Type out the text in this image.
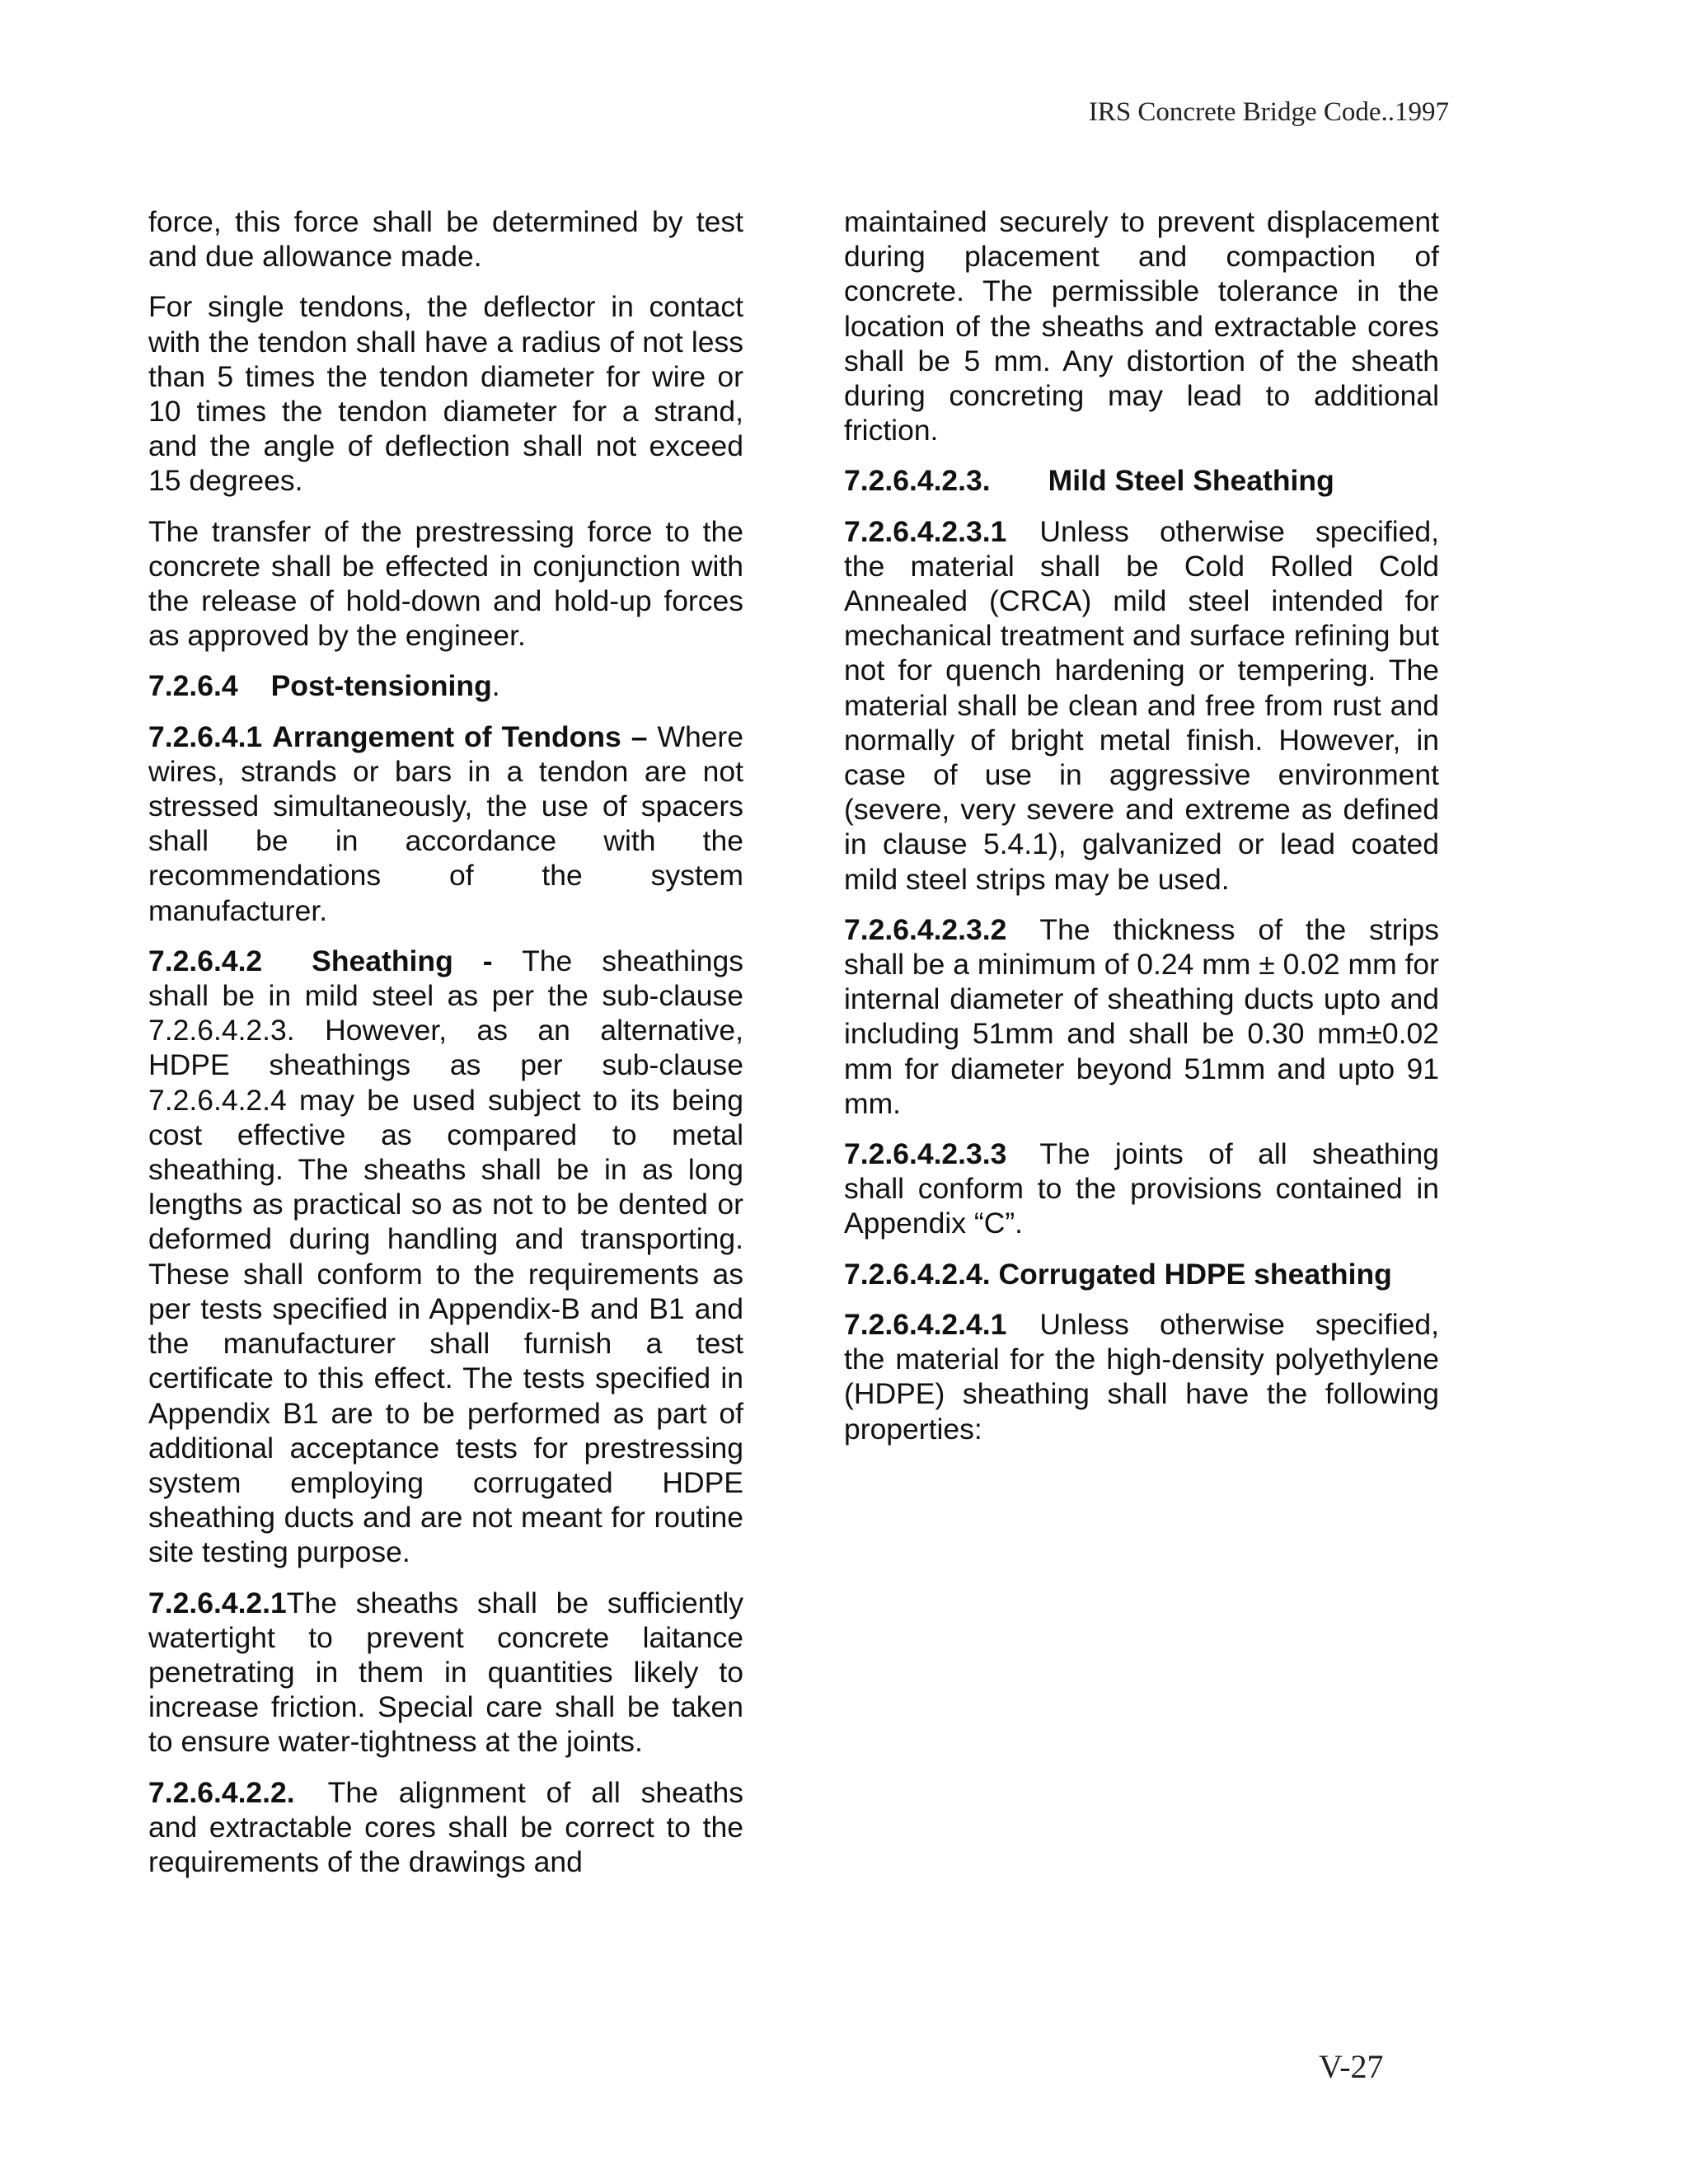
IRS Concrete Bridge Code..1997

force, this force shall be determined by test and due allowance made.

For single tendons, the deflector in contact with the tendon shall have a radius of not less than 5 times the tendon diameter for wire or 10 times the tendon diameter for a strand, and the angle of deflection shall not exceed 15 degrees.

The transfer of the prestressing force to the concrete shall be effected in conjunction with the release of hold-down and hold-up forces as approved by the engineer.

7.2.6.4 Post-tensioning.

7.2.6.4.1 Arrangement of Tendons – Where wires, strands or bars in a tendon are not stressed simultaneously, the use of spacers shall be in accordance with the recommendations of the system manufacturer.

7.2.6.4.2 Sheathing - The sheathings shall be in mild steel as per the sub-clause 7.2.6.4.2.3. However, as an alternative, HDPE sheathings as per sub-clause 7.2.6.4.2.4 may be used subject to its being cost effective as compared to metal sheathing. The sheaths shall be in as long lengths as practical so as not to be dented or deformed during handling and transporting. These shall conform to the requirements as per tests specified in Appendix-B and B1 and the manufacturer shall furnish a test certificate to this effect. The tests specified in Appendix B1 are to be performed as part of additional acceptance tests for prestressing system employing corrugated HDPE sheathing ducts and are not meant for routine site testing purpose.

7.2.6.4.2.1The sheaths shall be sufficiently watertight to prevent concrete laitance penetrating in them in quantities likely to increase friction. Special care shall be taken to ensure water-tightness at the joints.

7.2.6.4.2.2. The alignment of all sheaths and extractable cores shall be correct to the requirements of the drawings and

maintained securely to prevent displacement during placement and compaction of concrete. The permissible tolerance in the location of the sheaths and extractable cores shall be 5 mm. Any distortion of the sheath during concreting may lead to additional friction.

7.2.6.4.2.3. Mild Steel Sheathing

7.2.6.4.2.3.1 Unless otherwise specified, the material shall be Cold Rolled Cold Annealed (CRCA) mild steel intended for mechanical treatment and surface refining but not for quench hardening or tempering. The material shall be clean and free from rust and normally of bright metal finish. However, in case of use in aggressive environment (severe, very severe and extreme as defined in clause 5.4.1), galvanized or lead coated mild steel strips may be used.

7.2.6.4.2.3.2 The thickness of the strips shall be a minimum of 0.24 mm ± 0.02 mm for internal diameter of sheathing ducts upto and including 51mm and shall be 0.30 mm±0.02 mm for diameter beyond 51mm and upto 91 mm.

7.2.6.4.2.3.3 The joints of all sheathing shall conform to the provisions contained in Appendix “C”.

7.2.6.4.2.4. Corrugated HDPE sheathing

7.2.6.4.2.4.1 Unless otherwise specified, the material for the high-density polyethylene (HDPE) sheathing shall have the following properties:

V-27
